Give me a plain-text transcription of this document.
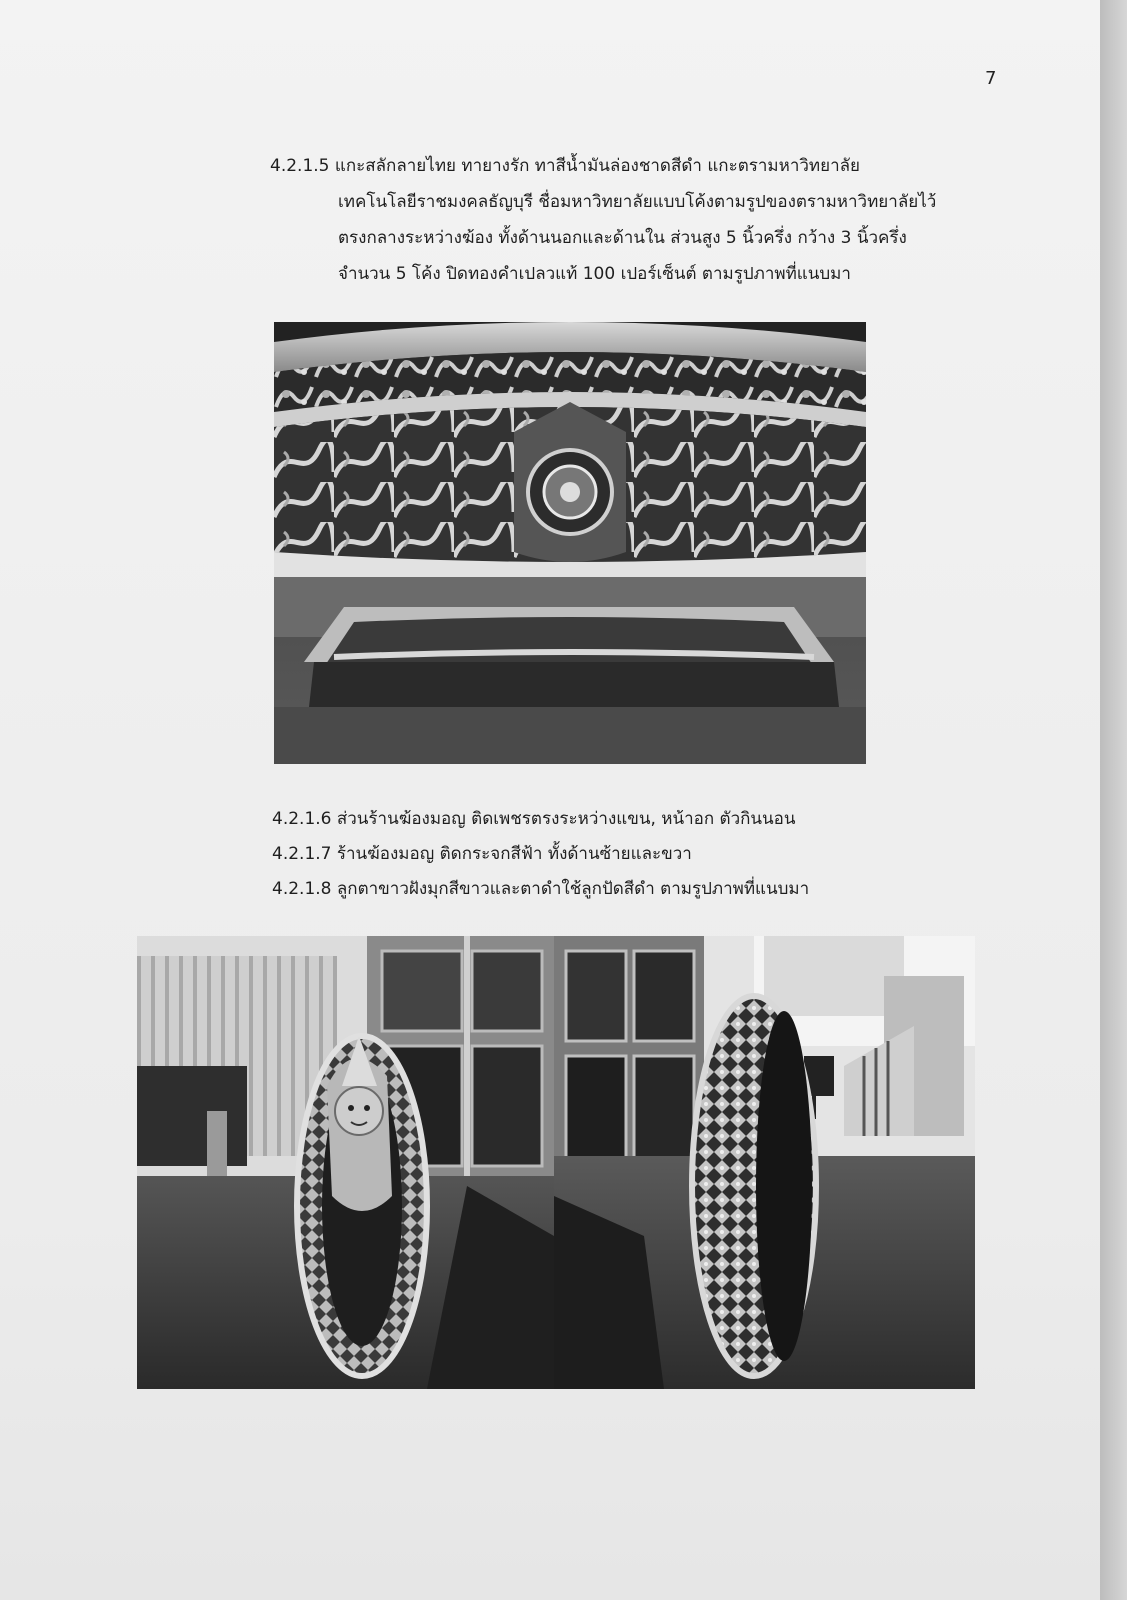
7
4.2.1.5 แกะสลักลายไทย ทายางรัก ทาสีน้ำมันล่องชาดสีดำ แกะตรามหาวิทยาลัย
เทคโนโลยีราชมงคลธัญบุรี ชื่อมหาวิทยาลัยแบบโค้งตามรูปของตรามหาวิทยาลัยไว้
ตรงกลางระหว่างฆ้อง ทั้งด้านนอกและด้านใน ส่วนสูง 5 นิ้วครึ่ง กว้าง 3 นิ้วครึ่ง
จำนวน 5 โค้ง ปิดทองคำเปลวแท้ 100 เปอร์เซ็นต์ ตามรูปภาพที่แนบมา
4.2.1.6 ส่วนร้านฆ้องมอญ ติดเพชรตรงระหว่างแขน, หน้าอก ตัวกินนอน
4.2.1.7 ร้านฆ้องมอญ ติดกระจกสีฟ้า ทั้งด้านซ้ายและขวา
4.2.1.8 ลูกตาขาวฝังมุกสีขาวและตาดำใช้ลูกปัดสีดำ ตามรูปภาพที่แนบมา
